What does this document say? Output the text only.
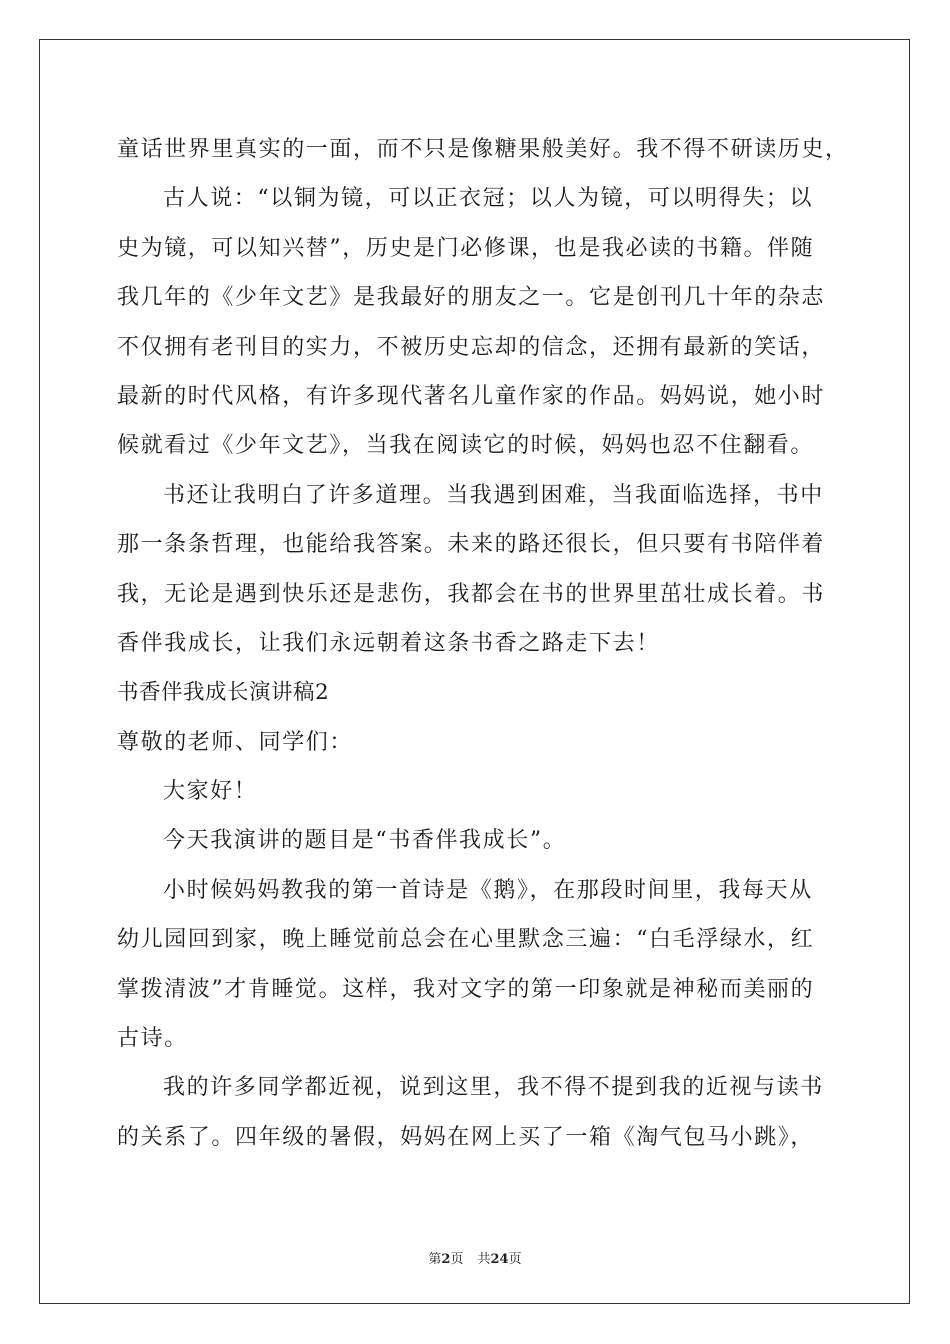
童话世界里真实的一面，而不只是像糖果般美好。我不得不研读历史，
古人说：“以铜为镜，可以正衣冠；以人为镜，可以明得失；以
史为镜，可以知兴替”，历史是门必修课，也是我必读的书籍。伴随
我几年的《少年文艺》是我最好的朋友之一。它是创刊几十年的杂志
不仅拥有老刊目的实力，不被历史忘却的信念，还拥有最新的笑话，
最新的时代风格，有许多现代著名儿童作家的作品。妈妈说，她小时
候就看过《少年文艺》，当我在阅读它的时候，妈妈也忍不住翻看。
书还让我明白了许多道理。当我遇到困难，当我面临选择，书中
那一条条哲理，也能给我答案。未来的路还很长，但只要有书陪伴着
我，无论是遇到快乐还是悲伤，我都会在书的世界里茁壮成长着。书
香伴我成长，让我们永远朝着这条书香之路走下去！
书香伴我成长演讲稿2
尊敬的老师、同学们：
大家好！
今天我演讲的题目是“书香伴我成长”。
小时候妈妈教我的第一首诗是《鹅》，在那段时间里，我每天从
幼儿园回到家，晚上睡觉前总会在心里默念三遍：“白毛浮绿水，红
掌拨清波”才肯睡觉。这样，我对文字的第一印象就是神秘而美丽的
古诗。
我的许多同学都近视，说到这里，我不得不提到我的近视与读书
的关系了。四年级的暑假，妈妈在网上买了一箱《淘气包马小跳》，
第2页 共24页
